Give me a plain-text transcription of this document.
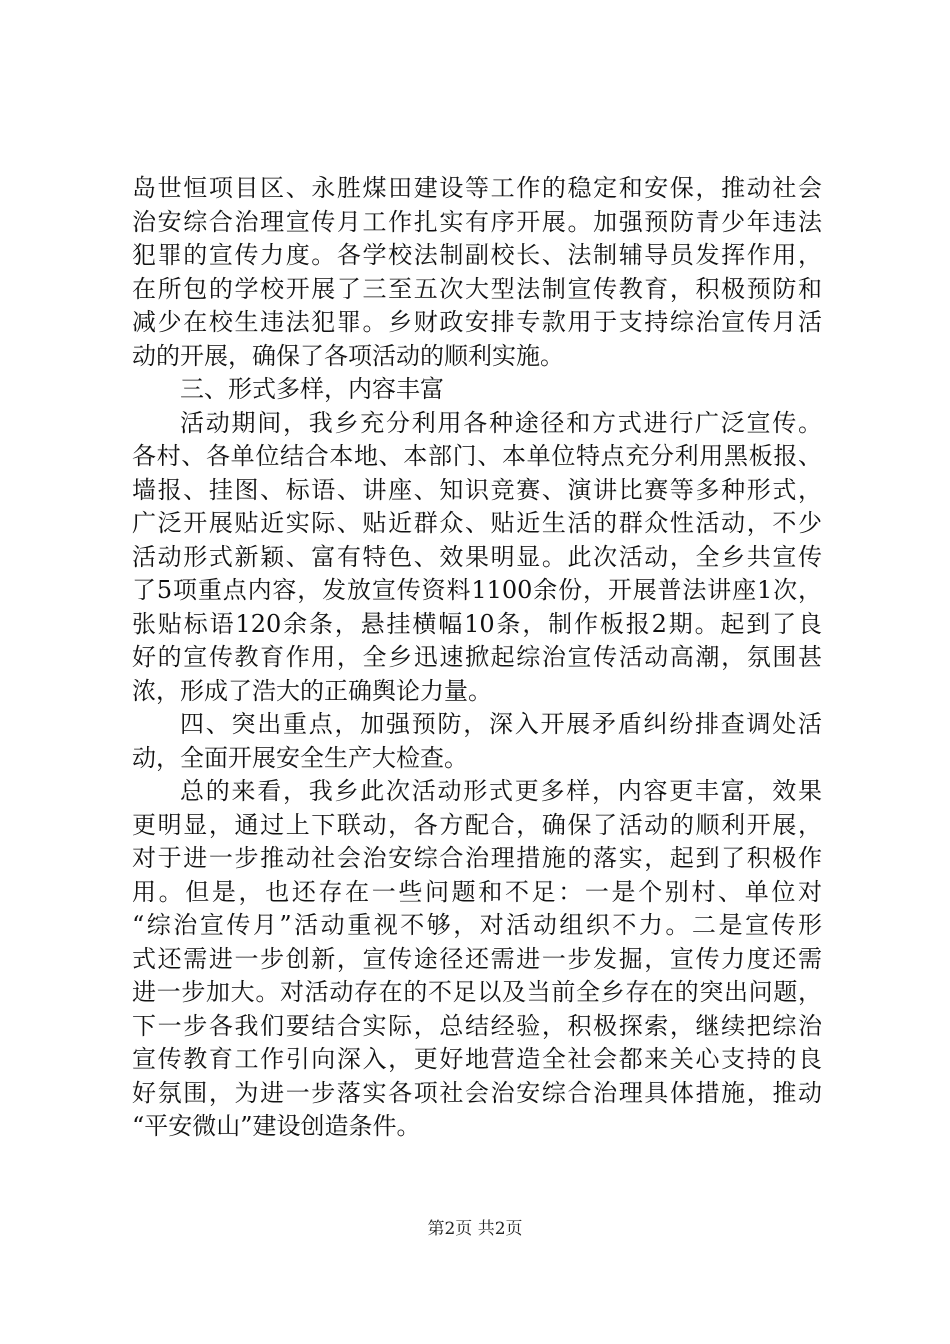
岛世恒项目区、永胜煤田建设等工作的稳定和安保，推动社会
治安综合治理宣传月工作扎实有序开展。加强预防青少年违法
犯罪的宣传力度。各学校法制副校长、法制辅导员发挥作用，
在所包的学校开展了三至五次大型法制宣传教育，积极预防和
减少在校生违法犯罪。乡财政安排专款用于支持综治宣传月活
动的开展，确保了各项活动的顺利实施。
三、形式多样，内容丰富
活动期间，我乡充分利用各种途径和方式进行广泛宣传。
各村、各单位结合本地、本部门、本单位特点充分利用黑板报、
墙报、挂图、标语、讲座、知识竞赛、演讲比赛等多种形式，
广泛开展贴近实际、贴近群众、贴近生活的群众性活动，不少
活动形式新颖、富有特色、效果明显。此次活动，全乡共宣传
了5项重点内容，发放宣传资料1100余份，开展普法讲座1次，
张贴标语120余条，悬挂横幅10条，制作板报2期。起到了良
好的宣传教育作用，全乡迅速掀起综治宣传活动高潮，氛围甚
浓，形成了浩大的正确舆论力量。
四、突出重点，加强预防，深入开展矛盾纠纷排查调处活
动，全面开展安全生产大检查。
总的来看，我乡此次活动形式更多样，内容更丰富，效果
更明显，通过上下联动，各方配合，确保了活动的顺利开展，
对于进一步推动社会治安综合治理措施的落实，起到了积极作
用。但是，也还存在一些问题和不足：一是个别村、单位对
“综治宣传月”活动重视不够，对活动组织不力。二是宣传形
式还需进一步创新，宣传途径还需进一步发掘，宣传力度还需
进一步加大。对活动存在的不足以及当前全乡存在的突出问题，
下一步各我们要结合实际，总结经验，积极探索，继续把综治
宣传教育工作引向深入，更好地营造全社会都来关心支持的良
好氛围，为进一步落实各项社会治安综合治理具体措施，推动
“平安微山”建设创造条件。
第2页 共2页
